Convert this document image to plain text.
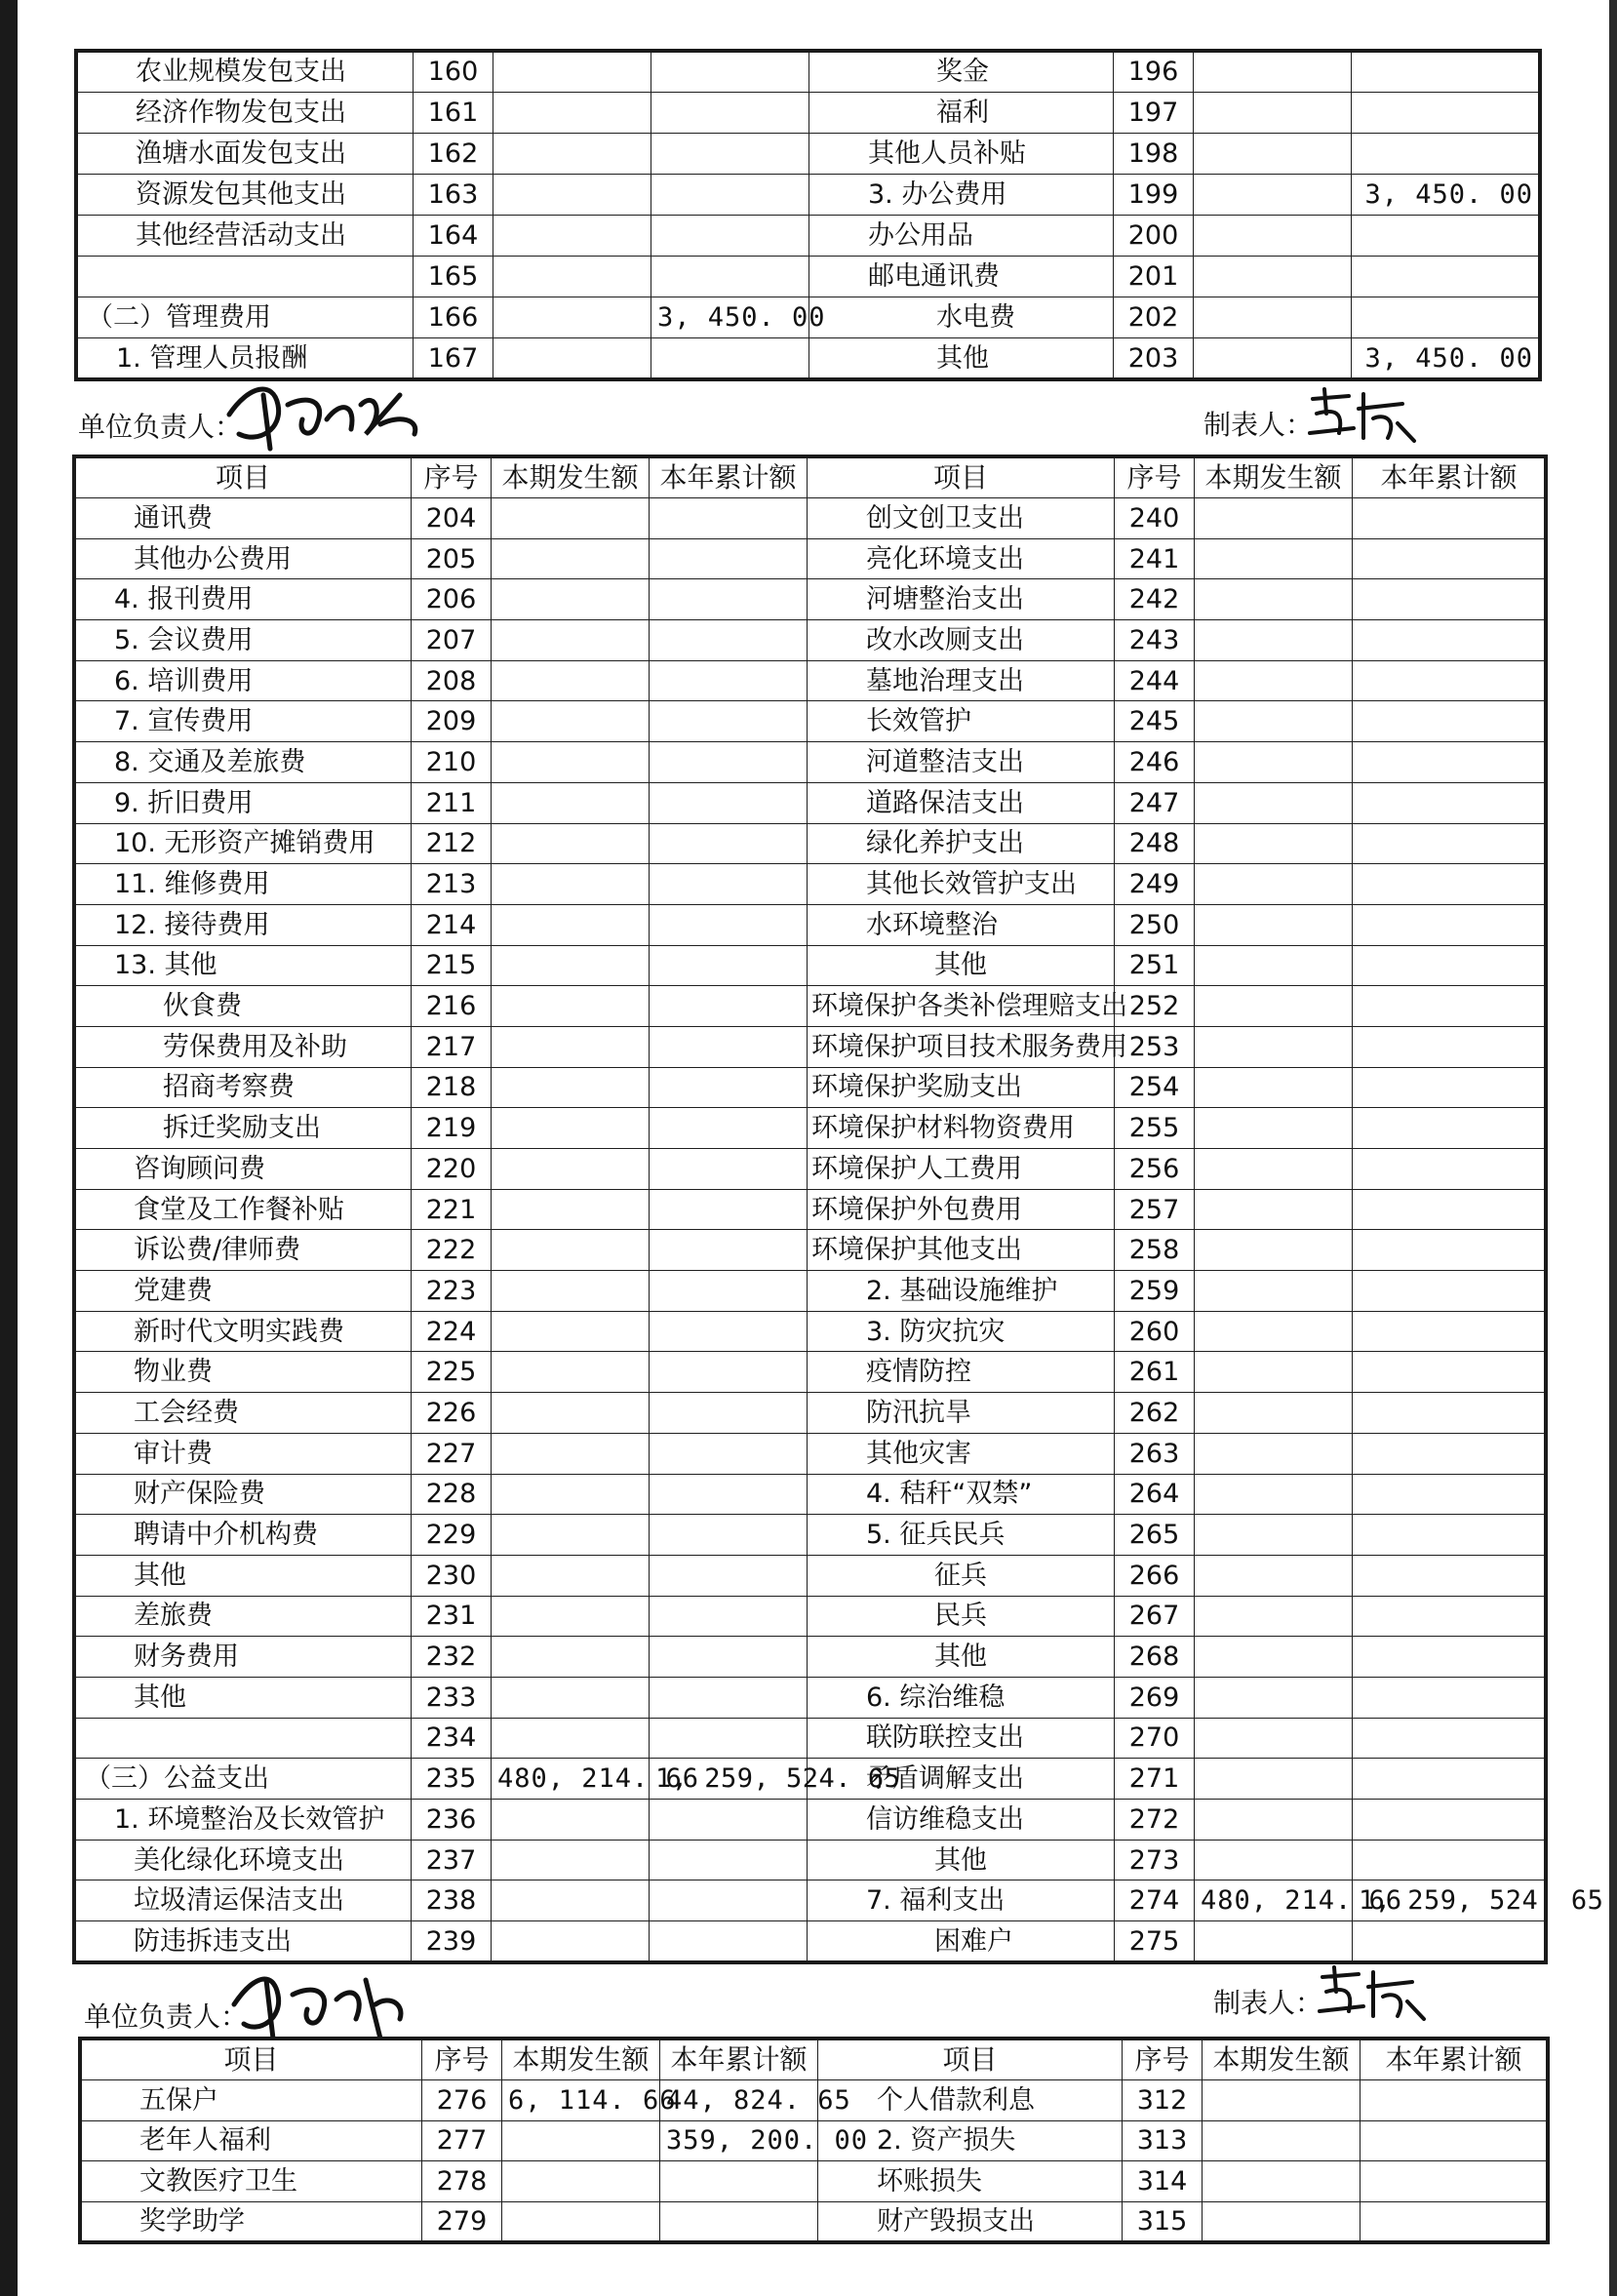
农业规模发包支出	160			奖金	196		
经济作物发包支出	161			福利	197		
渔塘水面发包支出	162			其他人员补贴	198		
资源发包其他支出	163			3. 办公费用	199		3, 450. 00
其他经营活动支出	164			办公用品	200		
	165			邮电通讯费	201		
（二）管理费用	166		3, 450. 00	水电费	202		
1. 管理人员报酬	167			其他	203		3, 450. 00
单位负责人：	制表人：
项目	序号	本期发生额	本年累计额	项目	序号	本期发生额	本年累计额
通讯费	204			创文创卫支出	240		
其他办公费用	205			亮化环境支出	241		
4. 报刊费用	206			河塘整治支出	242		
5. 会议费用	207			改水改厕支出	243		
6. 培训费用	208			墓地治理支出	244		
7. 宣传费用	209			长效管护	245		
8. 交通及差旅费	210			河道整洁支出	246		
9. 折旧费用	211			道路保洁支出	247		
10. 无形资产摊销费用	212			绿化养护支出	248		
11. 维修费用	213			其他长效管护支出	249		
12. 接待费用	214			水环境整治	250		
13. 其他	215			其他	251		
伙食费	216			环境保护各类补偿理赔支出	252		
劳保费用及补助	217			环境保护项目技术服务费用	253		
招商考察费	218			环境保护奖励支出	254		
拆迁奖励支出	219			环境保护材料物资费用	255		
咨询顾问费	220			环境保护人工费用	256		
食堂及工作餐补贴	221			环境保护外包费用	257		
诉讼费/律师费	222			环境保护其他支出	258		
党建费	223			2. 基础设施维护	259		
新时代文明实践费	224			3. 防灾抗灾	260		
物业费	225			疫情防控	261		
工会经费	226			防汛抗旱	262		
审计费	227			其他灾害	263		
财产保险费	228			4. 秸秆“双禁”	264		
聘请中介机构费	229			5. 征兵民兵	265		
其他	230			征兵	266		
差旅费	231			民兵	267		
财务费用	232			其他	268		
其他	233			6. 综治维稳	269		
	234			联防联控支出	270		
（三）公益支出	235	480, 214. 66	1, 259, 524. 65	矛盾调解支出	271		
1. 环境整治及长效管护	236			信访维稳支出	272		
美化绿化环境支出	237			其他	273		
垃圾清运保洁支出	238			7. 福利支出	274	480, 214. 66	1, 259, 524. 65
防违拆违支出	239			困难户	275		
单位负责人：	制表人：
项目	序号	本期发生额	本年累计额	项目	序号	本期发生额	本年累计额
五保户	276	6, 114. 66	44, 824. 65	个人借款利息	312		
老年人福利	277		359, 200. 00	2. 资产损失	313		
文教医疗卫生	278			坏账损失	314		
奖学助学	279			财产毁损支出	315		
